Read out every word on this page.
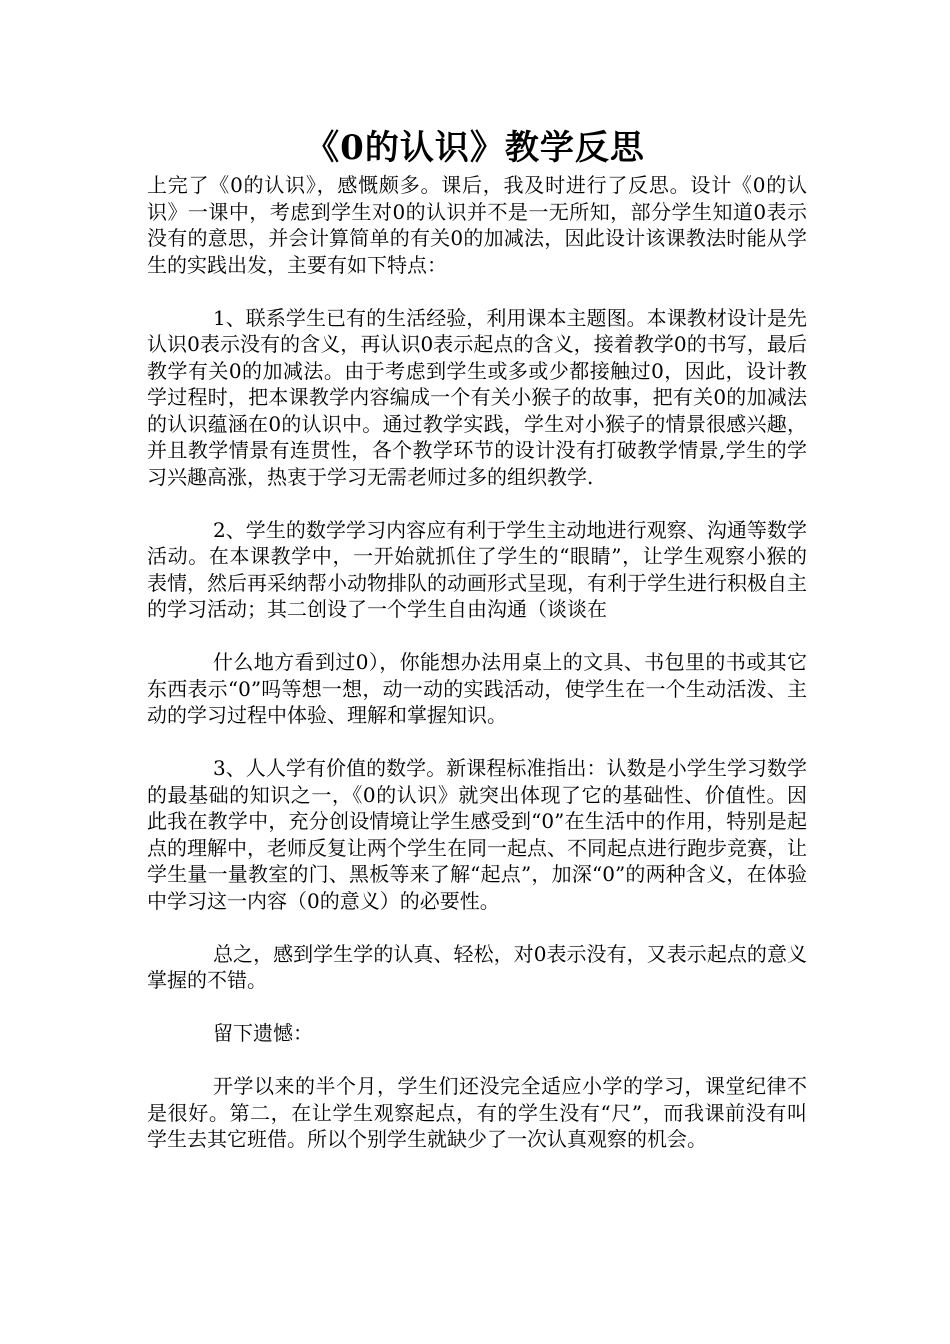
《0的认识》教学反思

上完了《0的认识》，感慨颇多。课后，我及时进行了反思。设计《0的认识》一课中，考虑到学生对0的认识并不是一无所知，部分学生知道0表示没有的意思，并会计算简单的有关0的加减法，因此设计该课教法时能从学生的实践出发，主要有如下特点：

1、联系学生已有的生活经验，利用课本主题图。本课教材设计是先认识0表示没有的含义，再认识0表示起点的含义，接着教学0的书写，最后教学有关0的加减法。由于考虑到学生或多或少都接触过0，因此，设计教学过程时，把本课教学内容编成一个有关小猴子的故事，把有关0的加减法的认识蕴涵在0的认识中。通过教学实践，学生对小猴子的情景很感兴趣，并且教学情景有连贯性，各个教学环节的设计没有打破教学情景,学生的学习兴趣高涨，热衷于学习无需老师过多的组织教学.

2、学生的数学学习内容应有利于学生主动地进行观察、沟通等数学活动。在本课教学中，一开始就抓住了学生的“眼睛”，让学生观察小猴的表情，然后再采纳帮小动物排队的动画形式呈现，有利于学生进行积极自主的学习活动；其二创设了一个学生自由沟通（谈谈在

什么地方看到过0），你能想办法用桌上的文具、书包里的书或其它东西表示“0”吗等想一想，动一动的实践活动，使学生在一个生动活泼、主动的学习过程中体验、理解和掌握知识。

3、人人学有价值的数学。新课程标准指出：认数是小学生学习数学的最基础的知识之一，《0的认识》就突出体现了它的基础性、价值性。因此我在教学中，充分创设情境让学生感受到“0”在生活中的作用，特别是起点的理解中，老师反复让两个学生在同一起点、不同起点进行跑步竞赛，让学生量一量教室的门、黑板等来了解“起点”，加深“0”的两种含义，在体验中学习这一内容（0的意义）的必要性。

总之，感到学生学的认真、轻松，对0表示没有，又表示起点的意义掌握的不错。

留下遗憾：

开学以来的半个月，学生们还没完全适应小学的学习，课堂纪律不是很好。第二，在让学生观察起点，有的学生没有“尺”，而我课前没有叫学生去其它班借。所以个别学生就缺少了一次认真观察的机会。
